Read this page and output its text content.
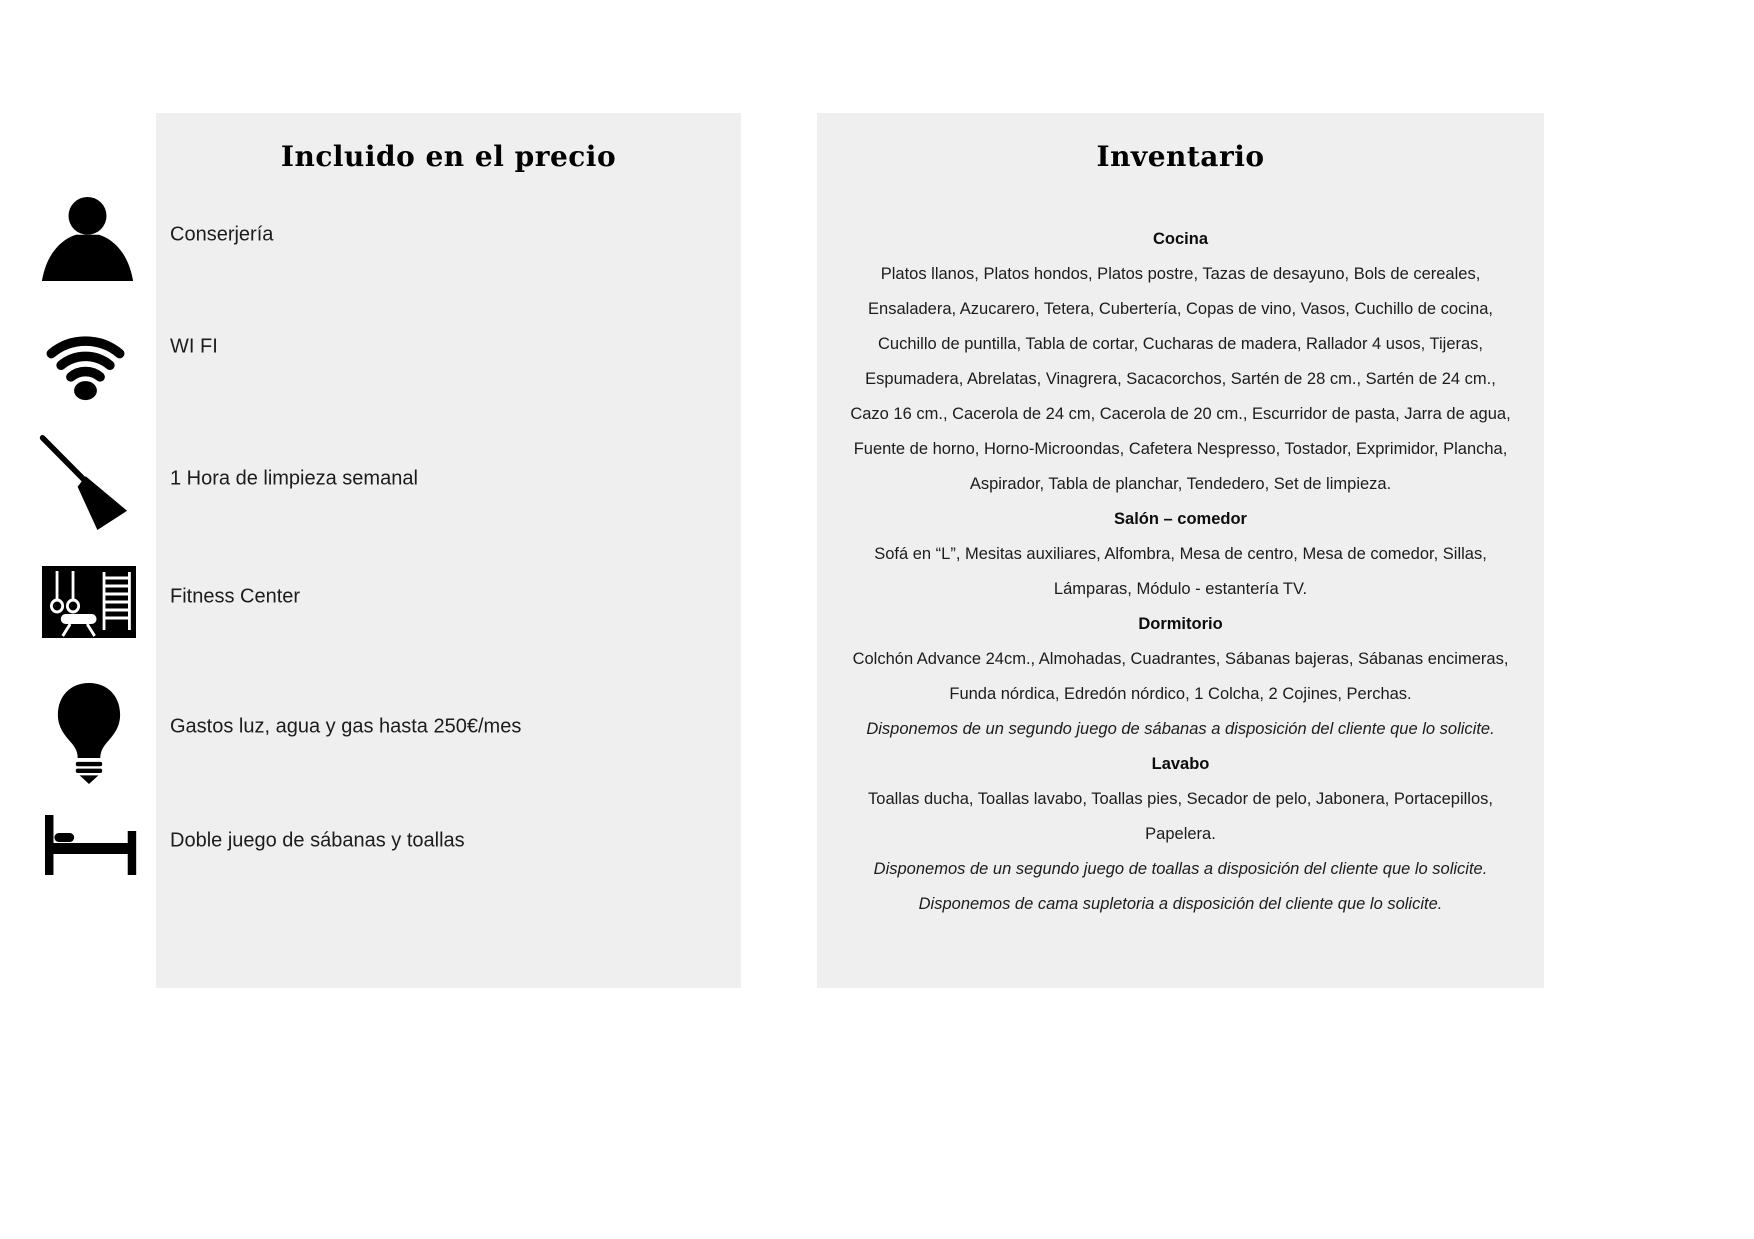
Incluido en el precio
Conserjería
WI FI
1 Hora de limpieza semanal
Fitness Center
Gastos luz, agua y gas hasta 250€/mes
Doble juego de sábanas y toallas
Inventario
Cocina
Platos llanos, Platos hondos, Platos postre, Tazas de desayuno, Bols de cereales,
Ensaladera, Azucarero, Tetera, Cubertería, Copas de vino, Vasos, Cuchillo de cocina,
Cuchillo de puntilla, Tabla de cortar, Cucharas de madera, Rallador 4 usos, Tijeras,
Espumadera, Abrelatas, Vinagrera, Sacacorchos, Sartén de 28 cm., Sartén de 24 cm.,
Cazo 16 cm., Cacerola de 24 cm, Cacerola de 20 cm., Escurridor de pasta, Jarra de agua,
Fuente de horno, Horno-Microondas, Cafetera Nespresso, Tostador, Exprimidor, Plancha,
Aspirador, Tabla de planchar, Tendedero, Set de limpieza.
Salón – comedor
Sofá en “L”, Mesitas auxiliares, Alfombra, Mesa de centro, Mesa de comedor, Sillas,
Lámparas, Módulo - estantería TV.
Dormitorio
Colchón Advance 24cm., Almohadas, Cuadrantes, Sábanas bajeras, Sábanas encimeras,
Funda nórdica, Edredón nórdico, 1 Colcha, 2 Cojines, Perchas.
Disponemos de un segundo juego de sábanas a disposición del cliente que lo solicite.
Lavabo
Toallas ducha, Toallas lavabo, Toallas pies, Secador de pelo, Jabonera, Portacepillos,
Papelera.
Disponemos de un segundo juego de toallas a disposición del cliente que lo solicite.
Disponemos de cama supletoria a disposición del cliente que lo solicite.
